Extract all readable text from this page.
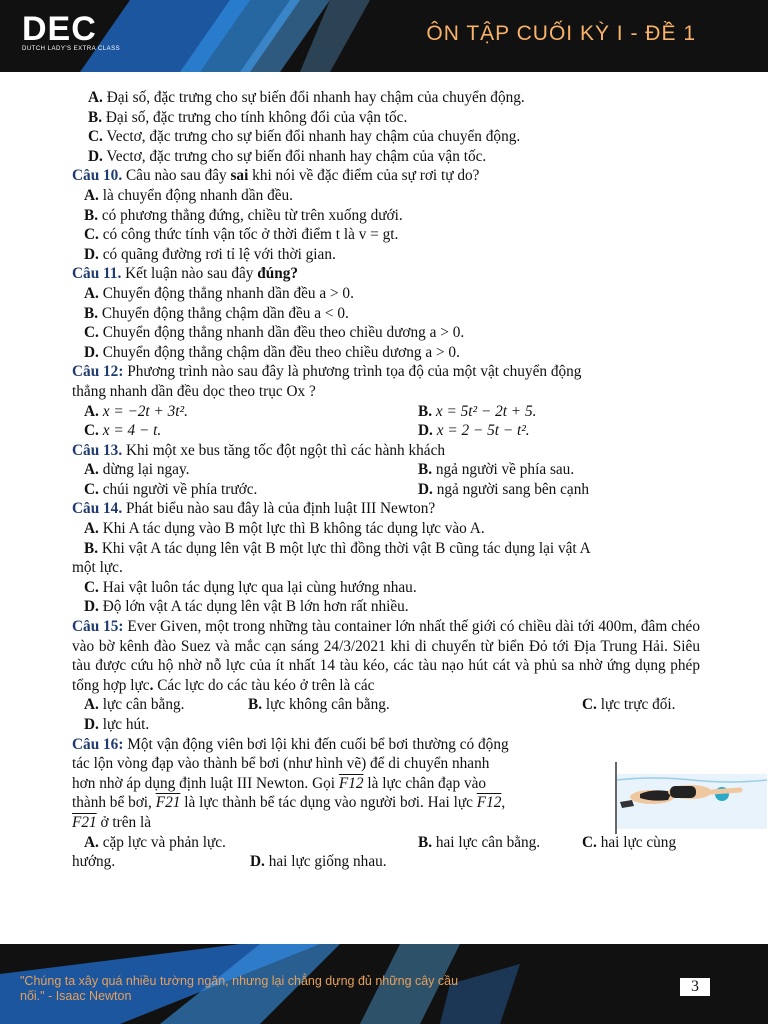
DEC
DUTCH LADY'S EXTRA CLASS
ÔN TẬP CUỐI KỲ I - ĐỀ 1
A. Đại số, đặc trưng cho sự biến đổi nhanh hay chậm của chuyển động.
B. Đại số, đặc trưng cho tính không đổi của vận tốc.
C. Vectơ, đặc trưng cho sự biến đổi nhanh hay chậm của chuyển động.
D. Vectơ, đặc trưng cho sự biến đổi nhanh hay chậm của vận tốc.
Câu 10. Câu nào sau đây sai khi nói về đặc điểm của sự rơi tự do?
A. là chuyển động nhanh dần đều.
B. có phương thẳng đứng, chiều từ trên xuống dưới.
C. có công thức tính vận tốc ở thời điểm t là v = gt.
D. có quãng đường rơi tỉ lệ với thời gian.
Câu 11. Kết luận nào sau đây đúng?
A. Chuyển động thẳng nhanh dần đều a > 0.
B. Chuyển động thẳng chậm dần đều a < 0.
C. Chuyển động thẳng nhanh dần đều theo chiều dương a > 0.
D. Chuyển động thẳng chậm dần đều theo chiều dương a > 0.
Câu 12: Phương trình nào sau đây là phương trình tọa độ của một vật chuyển động
thẳng nhanh dần đều dọc theo trục Ox ?
A. x = −2t + 3t².	B. x = 5t² − 2t + 5.
C. x = 4 − t.	D. x = 2 − 5t − t².
Câu 13. Khi một xe bus tăng tốc đột ngột thì các hành khách
A. dừng lại ngay.	B. ngả người về phía sau.
C. chúi người về phía trước.	D. ngả người sang bên cạnh
Câu 14. Phát biểu nào sau đây là của định luật III Newton?
A. Khi A tác dụng vào B một lực thì B không tác dụng lực vào A.
B. Khi vật A tác dụng lên vật B một lực thì đồng thời vật B cũng tác dụng lại vật A
một lực.
C. Hai vật luôn tác dụng lực qua lại cùng hướng nhau.
D. Độ lớn vật A tác dụng lên vật B lớn hơn rất nhiều.
Câu 15: Ever Given, một trong những tàu container lớn nhất thế giới có chiều dài tới 400m, đâm chéo vào bờ kênh đào Suez và mắc cạn sáng 24/3/2021 khi di chuyển từ biển Đỏ tới Địa Trung Hải. Siêu tàu được cứu hộ nhờ nỗ lực của ít nhất 14 tàu kéo, các tàu nạo hút cát và phủ sa nhờ ứng dụng phép tổng hợp lực. Các lực do các tàu kéo ở trên là các
A. lực cân bằng.	B. lực không cân bằng.	C. lực trực đối.
D. lực hút.
Câu 16: Một vận động viên bơi lội khi đến cuối bể bơi thường có động
tác lộn vòng đạp vào thành bể bơi (như hình vẽ) để di chuyển nhanh
hơn nhờ áp dụng định luật III Newton. Gọi F12 là lực chân đạp vào
thành bể bơi, F21 là lực thành bể tác dụng vào người bơi. Hai lực F12,
F21 ở trên là
A. cặp lực và phản lực.	B. hai lực cân bằng.	C. hai lực cùng
hướng.	D. hai lực giống nhau.
"Chúng ta xây quá nhiều tường ngăn, nhưng lại chẳng dựng đủ những cây cầu nối." - Isaac Newton
3
